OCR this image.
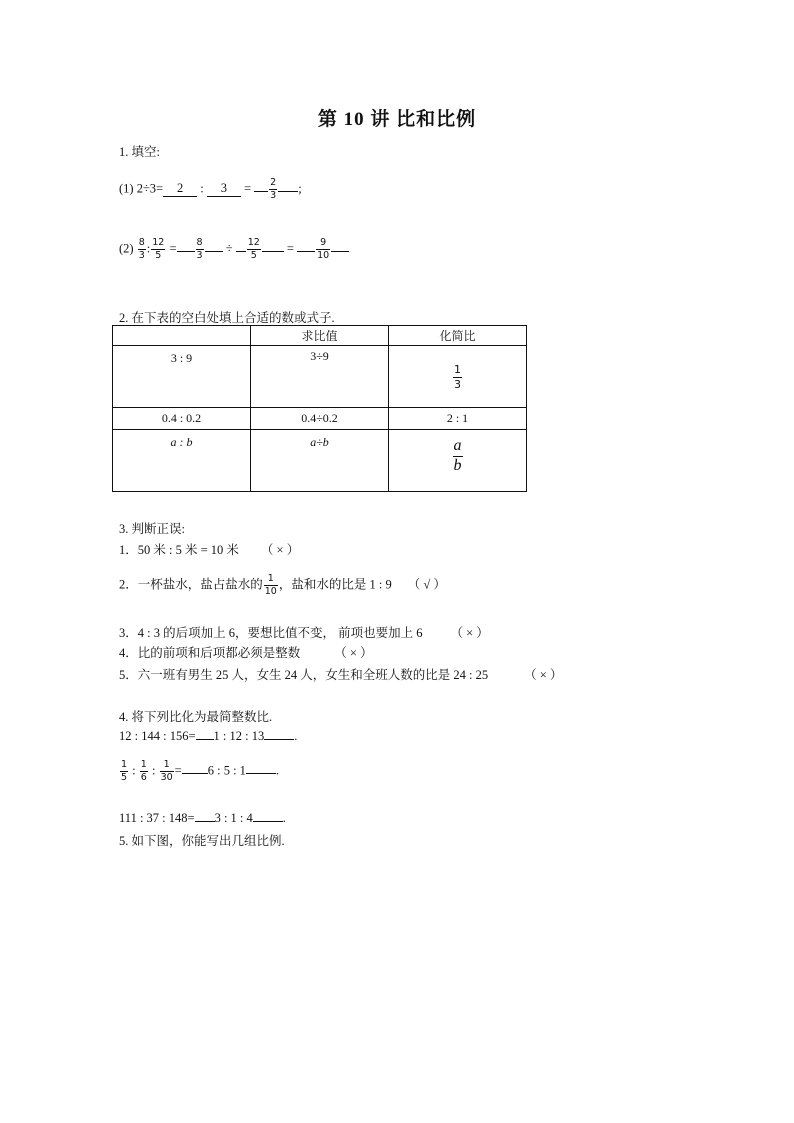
第 10 讲 比和比例
1. 填空:
(1) 2÷3= 2 : $3 = \frac{2}{3}$ ;
$(2) \frac{8}{3}$ : $\frac{12}{5} = \frac{8}{3} \div \frac{12}{5} = \frac{9}{10}$
2. 在下表的空白处填上合适的数或式子.
	求比值	化简比
3 : 9	3÷9	$\frac{1}{3}$

0.4 : 0.2	0.4÷0.2	2 : 1
a : b	a÷b	$\frac{a}{b}$
3. 判断正误:
1．50 米 : 5 米 = 10 米 （ × ）
2．一杯盐水，盐占盐水的 $\frac{1}{10}$ ，盐和水的比是 1 : 9 （ √ ）
3．4 : 3 的后项加上 6，要想比值不变， 前项也要加上 6 （ × ）
4．比的前项和后项都必须是整数	（ × ）
5．六一班有男生 25 人，女生 24 人，女生和全班人数的比是 24 : 25	（ × ）
4. 将下列比化为最简整数比.
12 : 144 : 156= 1 : 12 : 13 .
$\frac{1}{5}$ : $\frac{1}{6}$ : $\frac{1}{30} = 6$ : 5 : 1 .
111 : 37 : 148= 3 : 1 : 4 .
5. 如下图，你能写出几组比例.
